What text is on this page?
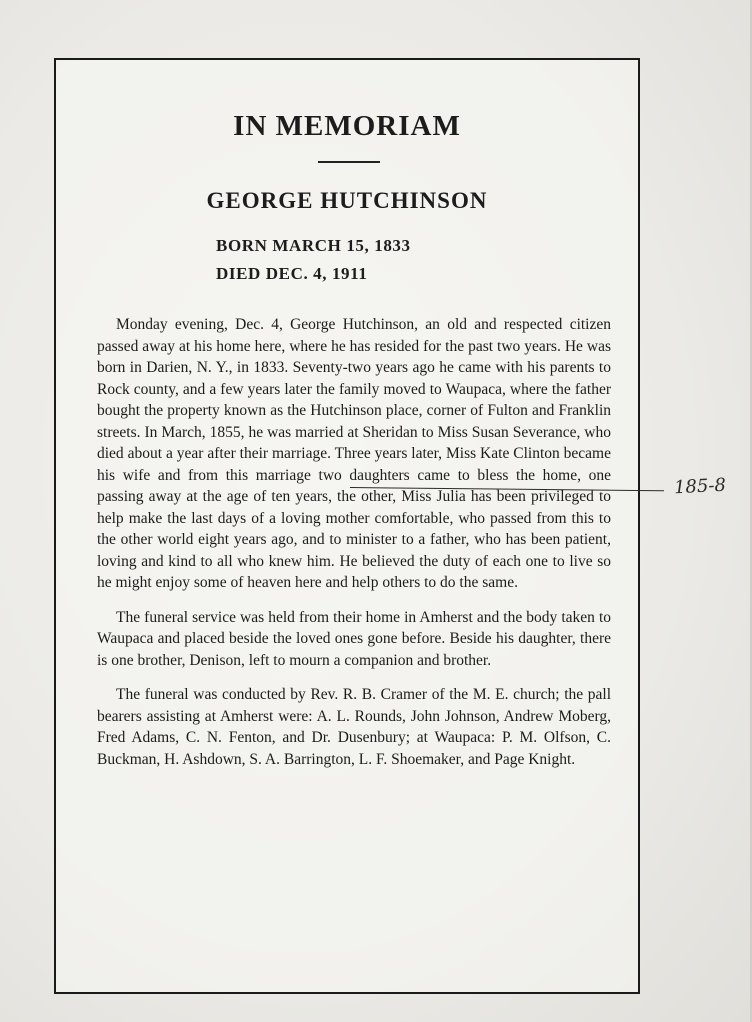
IN MEMORIAM
GEORGE HUTCHINSON
BORN MARCH 15, 1833
DIED DEC. 4, 1911

Monday evening, Dec. 4, George Hutchinson, an old and respected citizen passed away at his home here, where he has resided for the past two years. He was born in Darien, N. Y., in 1833. Seventy-two years ago he came with his parents to Rock county, and a few years later the family moved to Waupaca, where the father bought the property known as the Hutchinson place, corner of Fulton and Franklin streets. In March, 1855, he was married at Sheridan to Miss Susan Severance, who died about a year after their marriage. Three years later, Miss Kate Clinton became his wife and from this marriage two daughters came to bless the home, one passing away at the age of ten years, the other, Miss Julia has been privileged to help make the last days of a loving mother comfortable, who passed from this to the other world eight years ago, and to minister to a father, who has been patient, loving and kind to all who knew him. He believed the duty of each one to live so he might enjoy some of heaven here and help others to do the same.

The funeral service was held from their home in Amherst and the body taken to Waupaca and placed beside the loved ones gone before. Beside his daughter, there is one brother, Denison, left to mourn a companion and brother.

The funeral was conducted by Rev. R. B. Cramer of the M. E. church; the pall bearers assisting at Amherst were: A. L. Rounds, John Johnson, Andrew Moberg, Fred Adams, C. N. Fenton, and Dr. Dusenbury; at Waupaca: P. M. Olfson, C. Buckman, H. Ashdown, S. A. Barrington, L. F. Shoemaker, and Page Knight.

185-8
